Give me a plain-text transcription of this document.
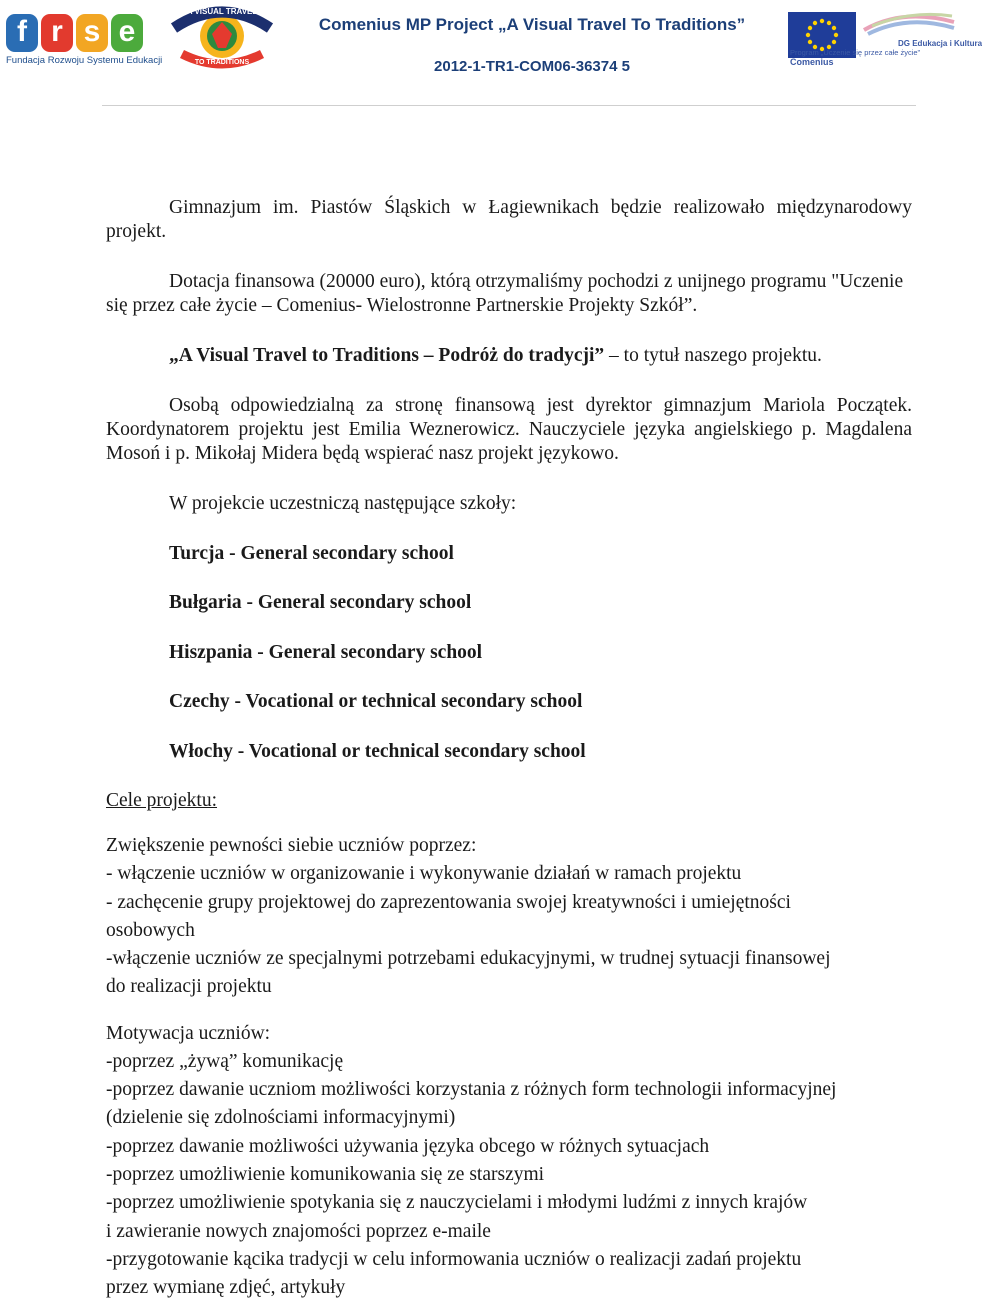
f r s e
Fundacja Rozwoju Systemu Edukacji
A VISUAL TRAVEL
TO TRADITIONS
Comenius MP Project „A Visual Travel To Traditions”
2012-1-TR1-COM06-36374 5
DG Edukacja i Kultura
Program „Uczenie się przez całe życie”
Comenius
Gimnazjum im. Piastów Śląskich w Łagiewnikach będzie realizowało międzynarodowy projekt.
Dotacja finansowa (20000 euro), którą otrzymaliśmy pochodzi z unijnego programu "Uczenie się przez całe życie – Comenius- Wielostronne Partnerskie Projekty Szkół”.
„A Visual Travel to Traditions – Podróż do tradycji” – to tytuł naszego projektu.
Osobą odpowiedzialną za stronę finansową jest dyrektor gimnazjum Mariola Początek. Koordynatorem projektu jest Emilia Weznerowicz. Nauczyciele języka angielskiego p. Magdalena Mosoń i p. Mikołaj Midera będą wspierać nasz projekt językowo.
W projekcie uczestniczą następujące szkoły:
Turcja - General secondary school
Bułgaria - General secondary school
Hiszpania - General secondary school
Czechy - Vocational or technical secondary school
Włochy - Vocational or technical secondary school
Cele projektu:
Zwiększenie pewności siebie uczniów poprzez:
- włączenie uczniów w organizowanie i wykonywanie działań w ramach projektu
- zachęcenie grupy projektowej do zaprezentowania swojej kreatywności i umiejętności
osobowych
-włączenie uczniów ze specjalnymi potrzebami edukacyjnymi, w trudnej sytuacji finansowej
do realizacji projektu
Motywacja uczniów:
-poprzez „żywą” komunikację
-poprzez dawanie uczniom możliwości korzystania z różnych form technologii informacyjnej
(dzielenie się zdolnościami informacyjnymi)
-poprzez dawanie możliwości używania języka obcego w różnych sytuacjach
-poprzez umożliwienie komunikowania się ze starszymi
-poprzez umożliwienie spotykania się z nauczycielami i młodymi ludźmi z innych krajów
i zawieranie nowych znajomości poprzez e-maile
-przygotowanie kącika tradycji w celu informowania uczniów o realizacji zadań projektu
przez wymianę zdjęć, artykuły
